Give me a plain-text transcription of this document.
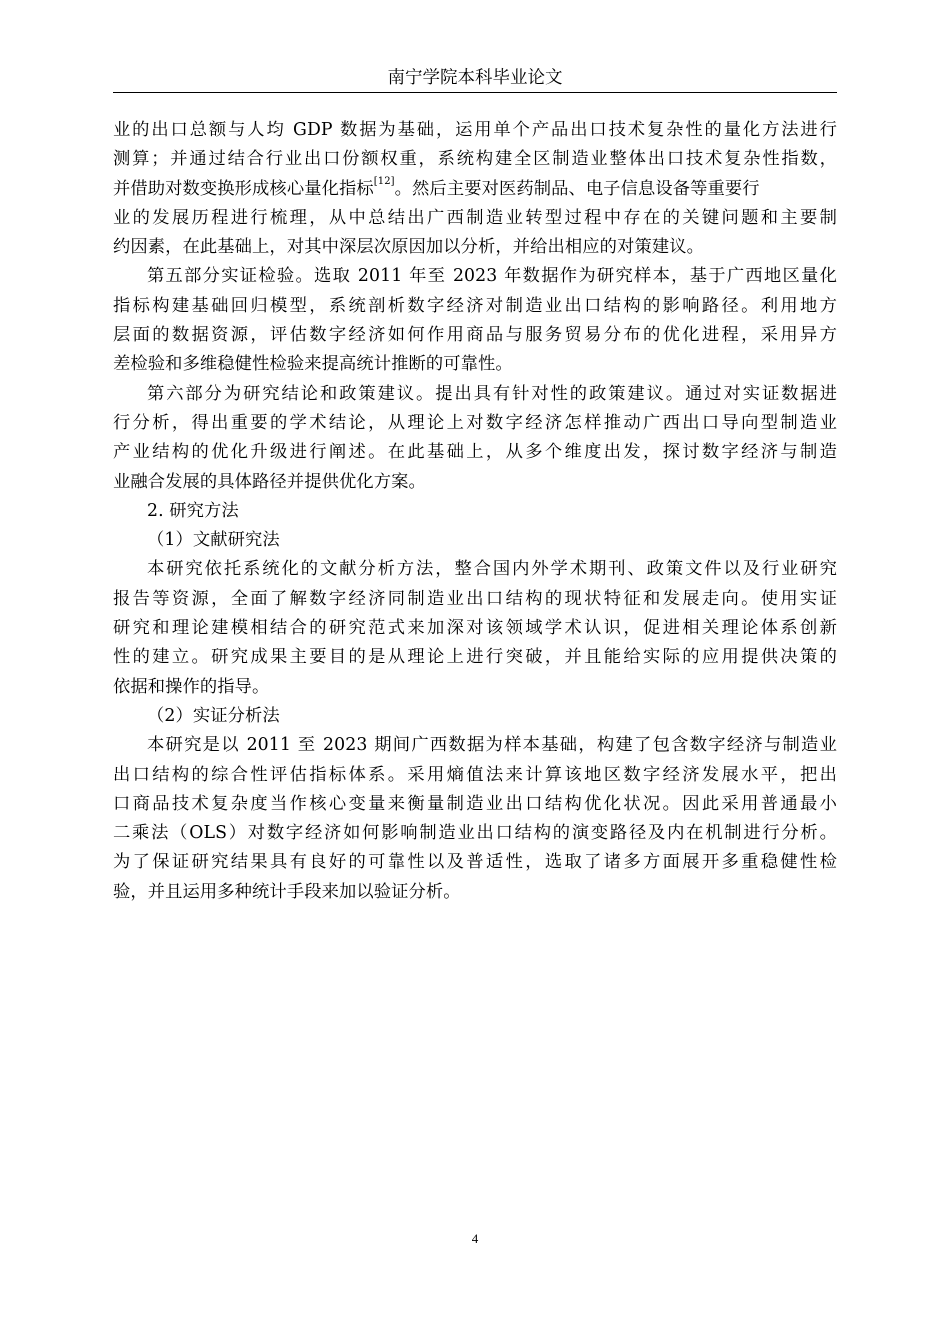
南宁学院本科毕业论文
业的出口总额与人均 GDP 数据为基础，运用单个产品出口技术复杂性的量化方法进行
测算；并通过结合行业出口份额权重，系统构建全区制造业整体出口技术复杂性指数，
并借助对数变换形成核心量化指标[12]。然后主要对医药制品、电子信息设备等重要行
业的发展历程进行梳理，从中总结出广西制造业转型过程中存在的关键问题和主要制
约因素，在此基础上，对其中深层次原因加以分析，并给出相应的对策建议。
第五部分实证检验。选取 2011 年至 2023 年数据作为研究样本，基于广西地区量化
指标构建基础回归模型，系统剖析数字经济对制造业出口结构的影响路径。利用地方
层面的数据资源，评估数字经济如何作用商品与服务贸易分布的优化进程，采用异方
差检验和多维稳健性检验来提高统计推断的可靠性。
第六部分为研究结论和政策建议。提出具有针对性的政策建议。通过对实证数据进
行分析，得出重要的学术结论，从理论上对数字经济怎样推动广西出口导向型制造业
产业结构的优化升级进行阐述。在此基础上，从多个维度出发，探讨数字经济与制造
业融合发展的具体路径并提供优化方案。
2. 研究方法
（1）文献研究法
本研究依托系统化的文献分析方法，整合国内外学术期刊、政策文件以及行业研究
报告等资源，全面了解数字经济同制造业出口结构的现状特征和发展走向。使用实证
研究和理论建模相结合的研究范式来加深对该领域学术认识，促进相关理论体系创新
性的建立。研究成果主要目的是从理论上进行突破，并且能给实际的应用提供决策的
依据和操作的指导。
（2）实证分析法
本研究是以 2011 至 2023 期间广西数据为样本基础，构建了包含数字经济与制造业
出口结构的综合性评估指标体系。采用熵值法来计算该地区数字经济发展水平，把出
口商品技术复杂度当作核心变量来衡量制造业出口结构优化状况。因此采用普通最小
二乘法（OLS）对数字经济如何影响制造业出口结构的演变路径及内在机制进行分析。
为了保证研究结果具有良好的可靠性以及普适性，选取了诸多方面展开多重稳健性检
验，并且运用多种统计手段来加以验证分析。
4
